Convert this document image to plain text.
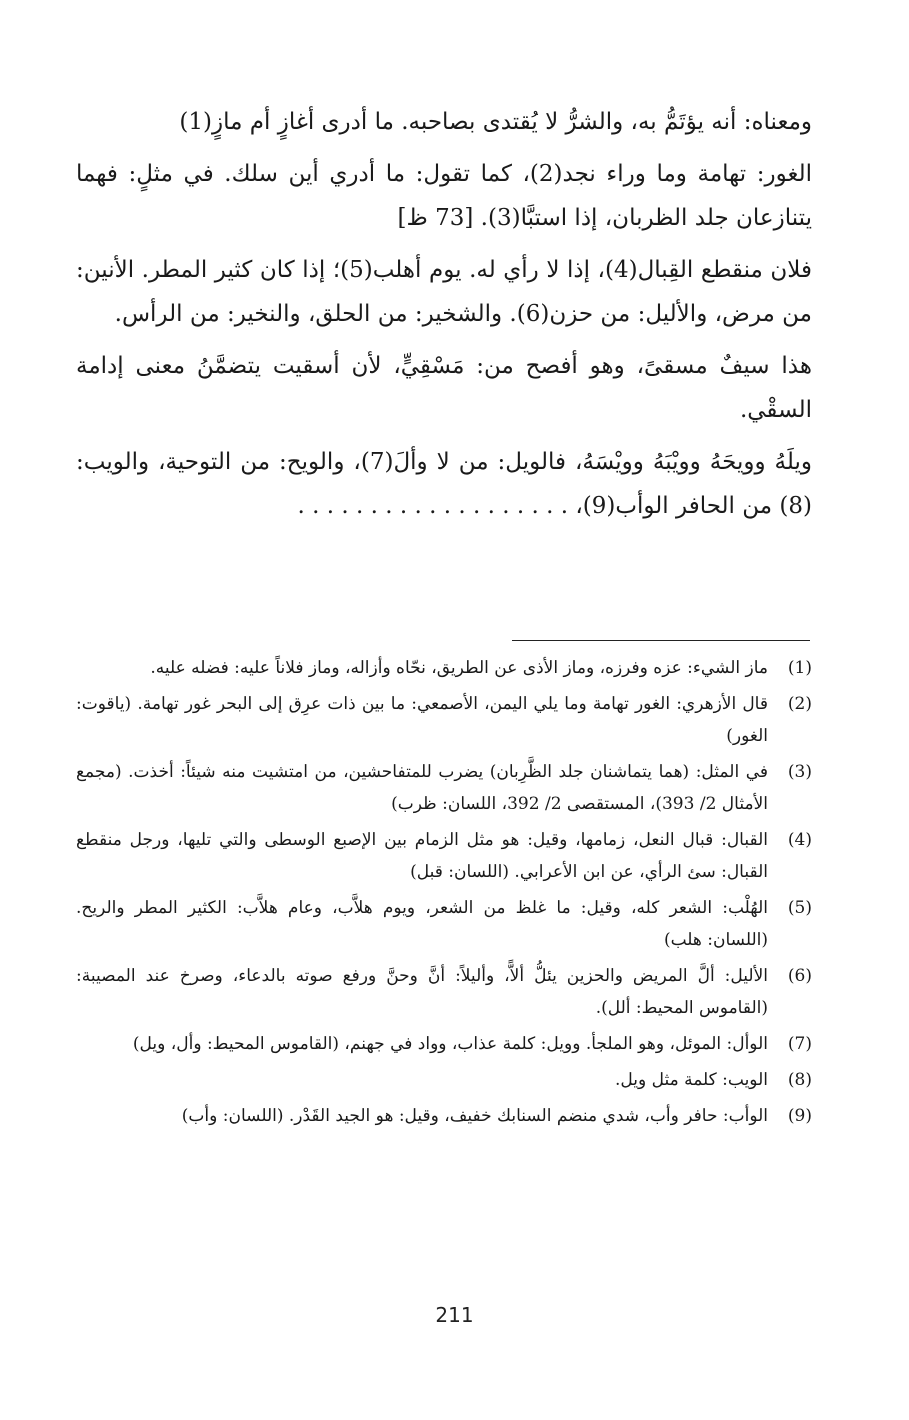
ومعناه: أنه يؤتَمُّ به، والشرُّ لا يُقتدى بصاحبه. ما أدرى أغازٍ أم مازٍ(1)

الغور: تهامة وما وراء نجد(2)، كما تقول: ما أدري أين سلك. في مثلٍ: فهما يتنازعان جلد الظربان، إذا استبَّا(3). [73 ظ]

فلان منقطع القِبال(4)، إذا لا رأي له. يوم أهلب(5)؛ إذا كان كثير المطر. الأنين: من مرض، والأليل: من حزن(6). والشخير: من الحلق، والنخير: من الرأس.

هذا سيفٌ مسقىً، وهو أفصح من: مَسْقِيٍّ، لأن أسقيت يتضمَّنُ معنى إدامة السقْي.

ويلَهُ وويحَهُ وويْبَهُ وويْسَهُ، فالويل: من لا وألَ(7)، والويح: من التوحية، والويب:(8) من الحافر الوأب(9)، . . . . . . . . . . . . . . . . . . .

(1)
ماز الشيء: عزه وفرزه، وماز الأذى عن الطريق، نحّاه وأزاله، وماز فلاناً عليه: فضله عليه.
(2)
قال الأزهري: الغور تهامة وما يلي اليمن، الأصمعي: ما بين ذات عرِق إلى البحر غور تهامة. (ياقوت: الغور)
(3)
في المثل: (هما يتماشنان جلد الظَّرِبان) يضرب للمتفاحشين، من امتشيت منه شيئاً: أخذت. (مجمع الأمثال 2/ 393)، المستقصى 2/ 392، اللسان: ظرب)
(4)
القبال: قبال النعل، زمامها، وقيل: هو مثل الزمام بين الإصبع الوسطى والتي تليها، ورجل منقطع القبال: سئ الرأي، عن ابن الأعرابي. (اللسان: قبل)
(5)
الهُلْب: الشعر كله، وقيل: ما غلظ من الشعر، ويوم هلاَّب، وعام هلاَّب: الكثير المطر والريح. (اللسان: هلب)
(6)
الأليل: ألَّ المريض والحزين يئلُّ ألاًّ، وأليلاً: أنَّ وحنَّ ورفع صوته بالدعاء، وصرخ عند المصيبة: (القاموس المحيط: ألل).
(7)
الوأل: الموئل، وهو الملجأ. وويل: كلمة عذاب، وواد في جهنم، (القاموس المحيط: وأل، ويل)
(8)
الويب: كلمة مثل ويل.
(9)
الوأب: حافر وأب، شدي منضم السنابك خفيف، وقيل: هو الجيد القَدْر. (اللسان: وأب)
211
